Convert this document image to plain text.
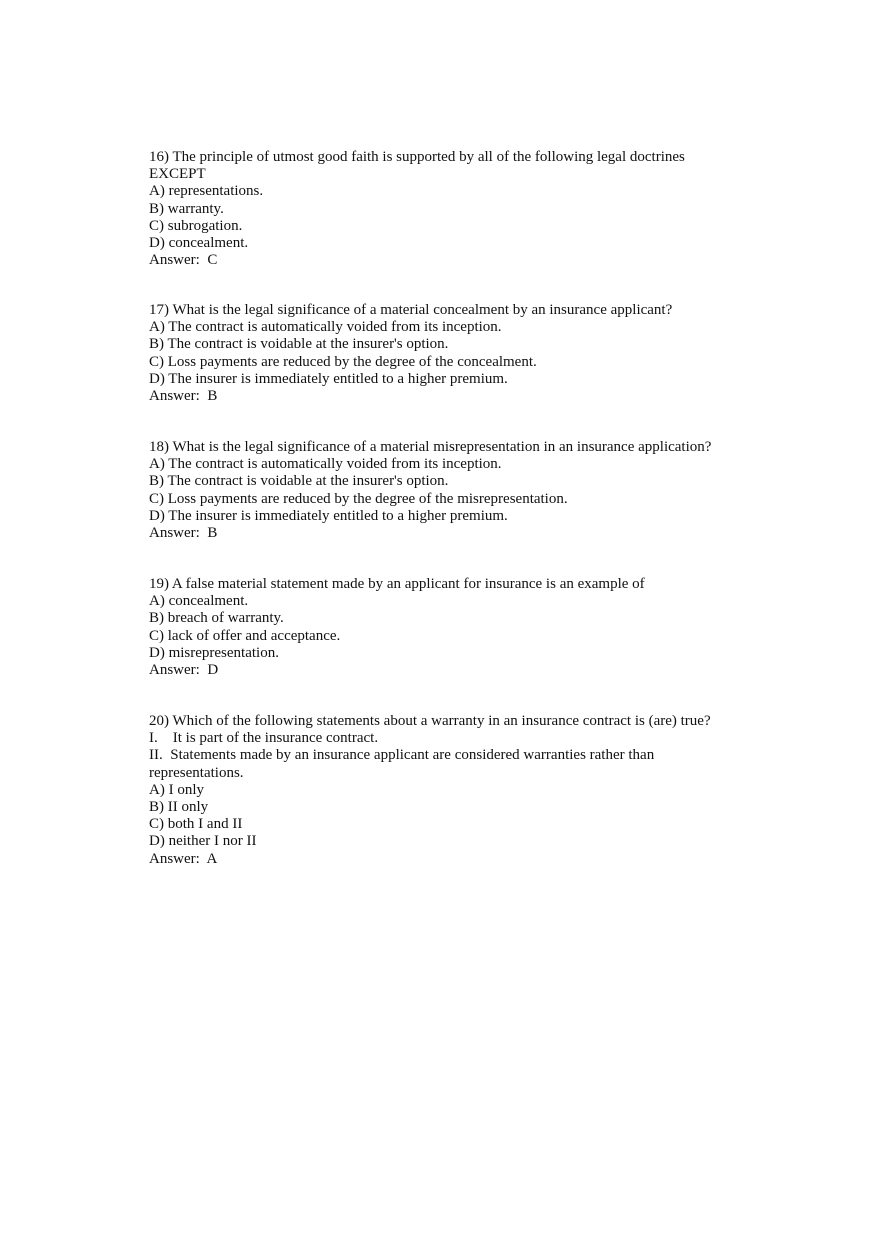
16) The principle of utmost good faith is supported by all of the following legal doctrines
EXCEPT
A) representations.
B) warranty.
C) subrogation.
D) concealment.
Answer:  C
17) What is the legal significance of a material concealment by an insurance applicant?
A) The contract is automatically voided from its inception.
B) The contract is voidable at the insurer's option.
C) Loss payments are reduced by the degree of the concealment.
D) The insurer is immediately entitled to a higher premium.
Answer:  B
18) What is the legal significance of a material misrepresentation in an insurance application?
A) The contract is automatically voided from its inception.
B) The contract is voidable at the insurer's option.
C) Loss payments are reduced by the degree of the misrepresentation.
D) The insurer is immediately entitled to a higher premium.
Answer:  B
19) A false material statement made by an applicant for insurance is an example of
A) concealment.
B) breach of warranty.
C) lack of offer and acceptance.
D) misrepresentation.
Answer:  D
20) Which of the following statements about a warranty in an insurance contract is (are) true?
I.    It is part of the insurance contract.
II.  Statements made by an insurance applicant are considered warranties rather than
representations.
A) I only
B) II only
C) both I and II
D) neither I nor II
Answer:  A
